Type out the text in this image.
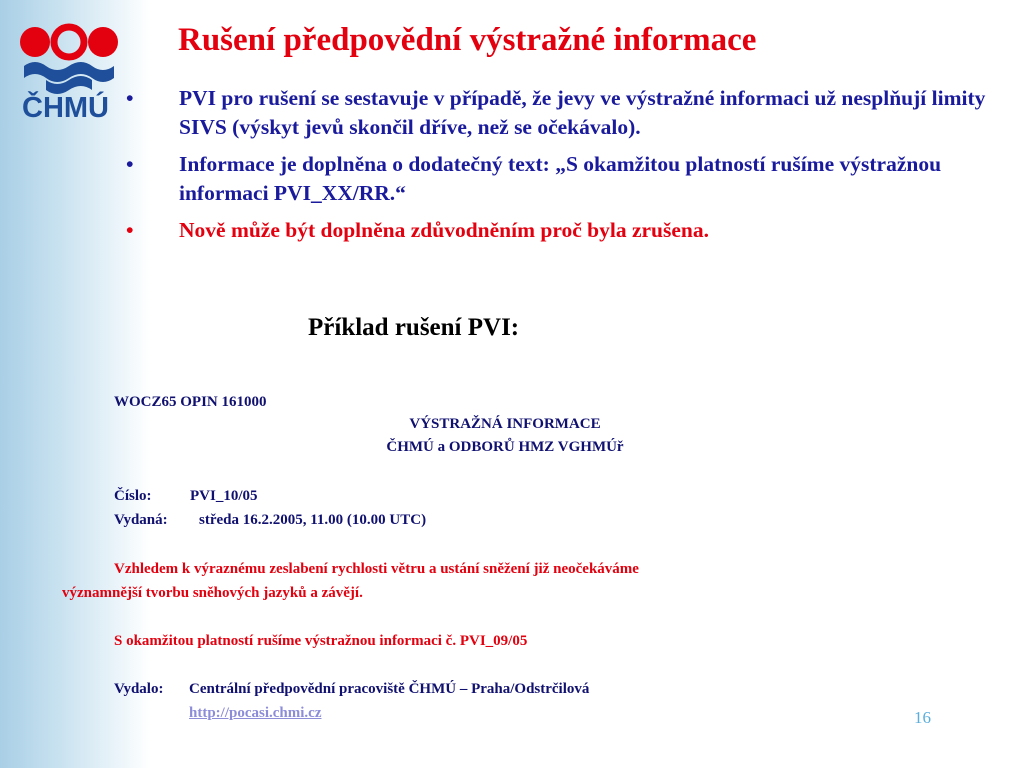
ČHMÚ
Rušení předpovědní výstražné informace
• PVI pro rušení se sestavuje v případě, že jevy ve výstražné informaci už nesplňují limity SIVS (výskyt jevů skončil dříve, než se očekávalo).
• Informace je doplněna o dodatečný text: „S okamžitou platností rušíme výstražnou informaci PVI_XX/RR.“
• Nově může být doplněna zdůvodněním proč byla zrušena.
Příklad rušení PVI:
WOCZ65 OPIN 161000
VÝSTRAŽNÁ INFORMACE
ČHMÚ a ODBORŮ HMZ VGHMÚř
Číslo:	PVI_10/05
Vydaná: středa 16.2.2005, 11.00 (10.00 UTC)
Vzhledem k výraznému zeslabení rychlosti větru a ustání sněžení již neočekáváme
významnější tvorbu sněhových jazyků a závějí.
S okamžitou platností rušíme výstražnou informaci č. PVI_09/05
Vydalo: Centrální předpovědní pracoviště ČHMÚ – Praha/Odstrčilová
http://pocasi.chmi.cz	16
